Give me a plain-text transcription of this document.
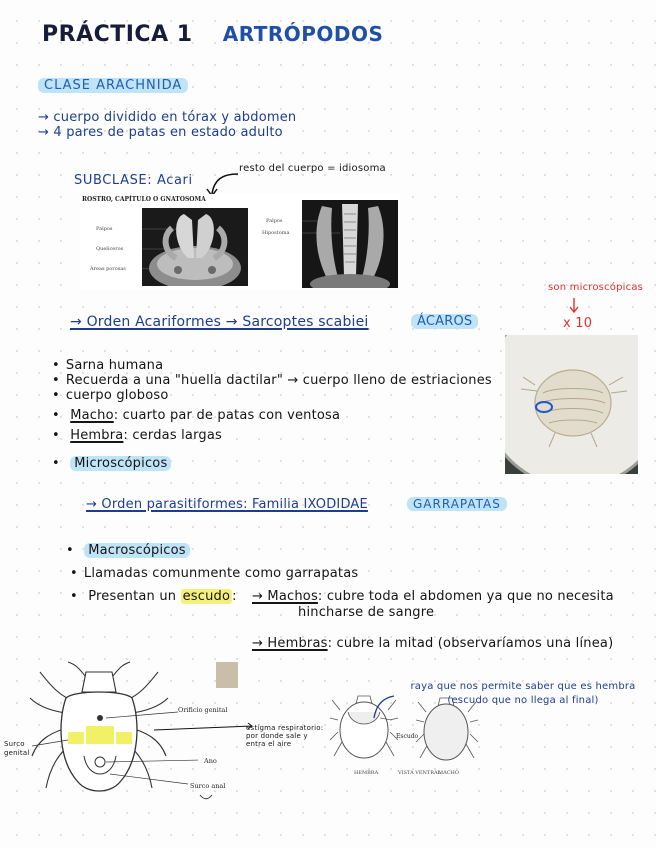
PRÁCTICA 1 ARTRÓPODOS
CLASE ARACHNIDA
→ cuerpo dividido en tórax y abdomen
→ 4 pares de patas en estado adulto
SUBCLASE: Acari
resto del cuerpo = idiosoma
ROSTRO, CAPÍTULO O GNATOSOMA
Palpos
Quelíceros
Áreas porosas
Palpos
Hipostoma
son microscópicas
x 10
→ Orden Acariformes → Sarcoptes scabiei	ÁCAROS
• Sarna humana
• Recuerda a una "huella dactilar" → cuerpo lleno de estriaciones
• cuerpo globoso
• Macho: cuarto par de patas con ventosa
• Hembra: cerdas largas
• Microscópicos
→ Orden parasitiformes: Familia IXODIDAE	GARRAPATAS
• Macroscópicos
• Llamadas comunmente como garrapatas
• Presentan un escudo : → Machos: cubre toda el abdomen ya que no necesita
hincharse de sangre
→ Hembras: cubre la mitad (observaríamos una línea)
Surco genital
Orificio genital
Ano
Surco anal
estigma respiratorio: por donde sale y entra el aire
Escudo
HEMBRA	VISTA VENTRAL
MACHO
raya que nos permite saber que es hembra (escudo que no llega al final)
